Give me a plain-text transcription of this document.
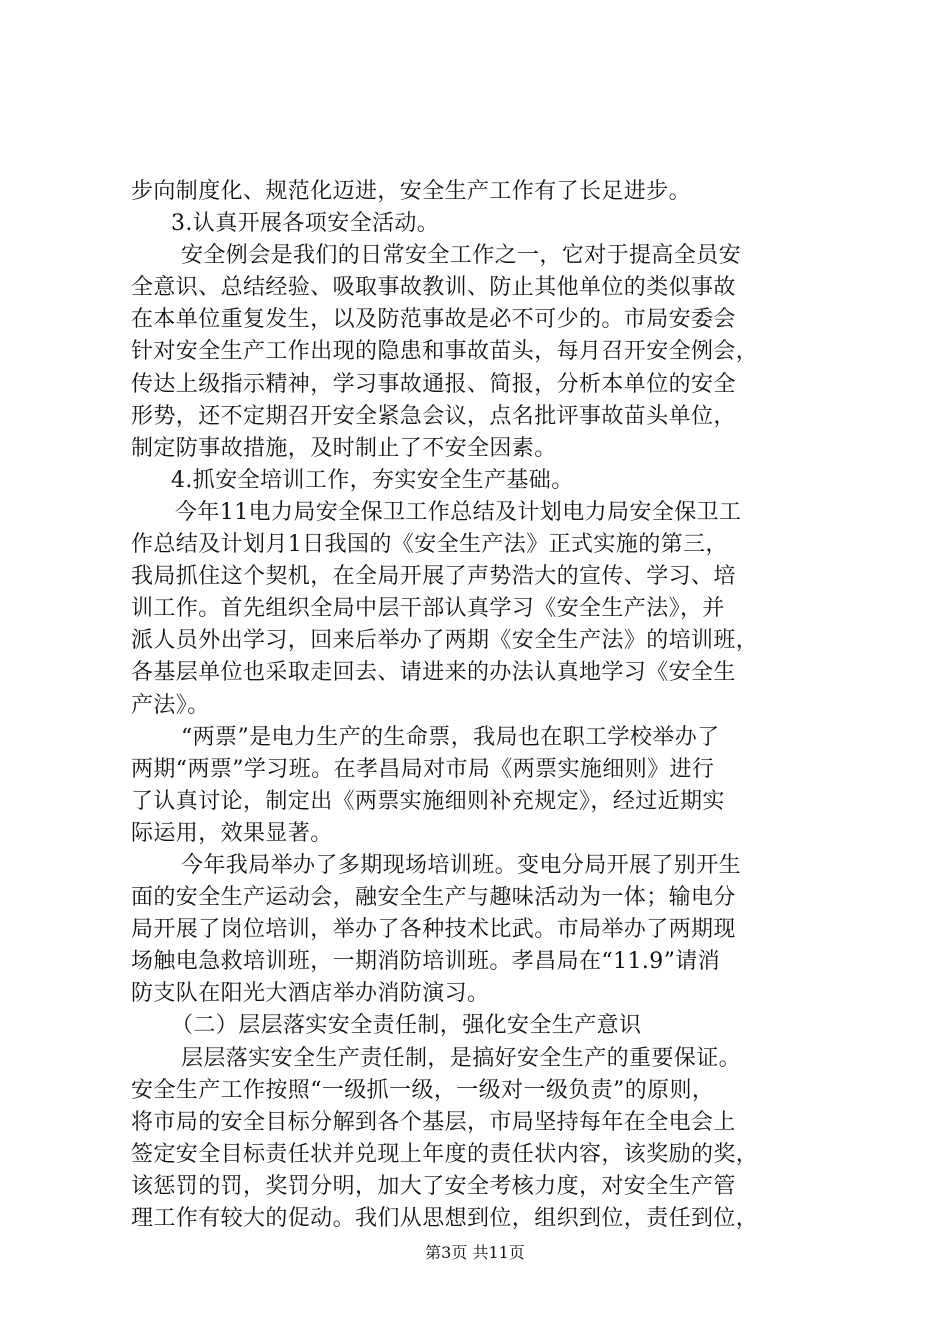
步向制度化、规范化迈进，安全生产工作有了长足进步。
3.认真开展各项安全活动。
安全例会是我们的日常安全工作之一，它对于提高全员安
全意识、总结经验、吸取事故教训、防止其他单位的类似事故
在本单位重复发生，以及防范事故是必不可少的。市局安委会
针对安全生产工作出现的隐患和事故苗头，每月召开安全例会，
传达上级指示精神，学习事故通报、简报，分析本单位的安全
形势，还不定期召开安全紧急会议，点名批评事故苗头单位，
制定防事故措施，及时制止了不安全因素。
4.抓安全培训工作，夯实安全生产基础。
今年11电力局安全保卫工作总结及计划电力局安全保卫工
作总结及计划月1日我国的《安全生产法》正式实施的第三，
我局抓住这个契机，在全局开展了声势浩大的宣传、学习、培
训工作。首先组织全局中层干部认真学习《安全生产法》，并
派人员外出学习，回来后举办了两期《安全生产法》的培训班，
各基层单位也采取走回去、请进来的办法认真地学习《安全生
产法》。
“两票”是电力生产的生命票，我局也在职工学校举办了
两期“两票”学习班。在孝昌局对市局《两票实施细则》进行
了认真讨论，制定出《两票实施细则补充规定》，经过近期实
际运用，效果显著。
今年我局举办了多期现场培训班。变电分局开展了别开生
面的安全生产运动会，融安全生产与趣味活动为一体；输电分
局开展了岗位培训，举办了各种技术比武。市局举办了两期现
场触电急救培训班，一期消防培训班。孝昌局在“11.9”请消
防支队在阳光大酒店举办消防演习。
（二）层层落实安全责任制，强化安全生产意识
层层落实安全生产责任制，是搞好安全生产的重要保证。
安全生产工作按照“一级抓一级，一级对一级负责”的原则，
将市局的安全目标分解到各个基层，市局坚持每年在全电会上
签定安全目标责任状并兑现上年度的责任状内容，该奖励的奖，
该惩罚的罚，奖罚分明，加大了安全考核力度，对安全生产管
理工作有较大的促动。我们从思想到位，组织到位，责任到位，
第3页 共11页
